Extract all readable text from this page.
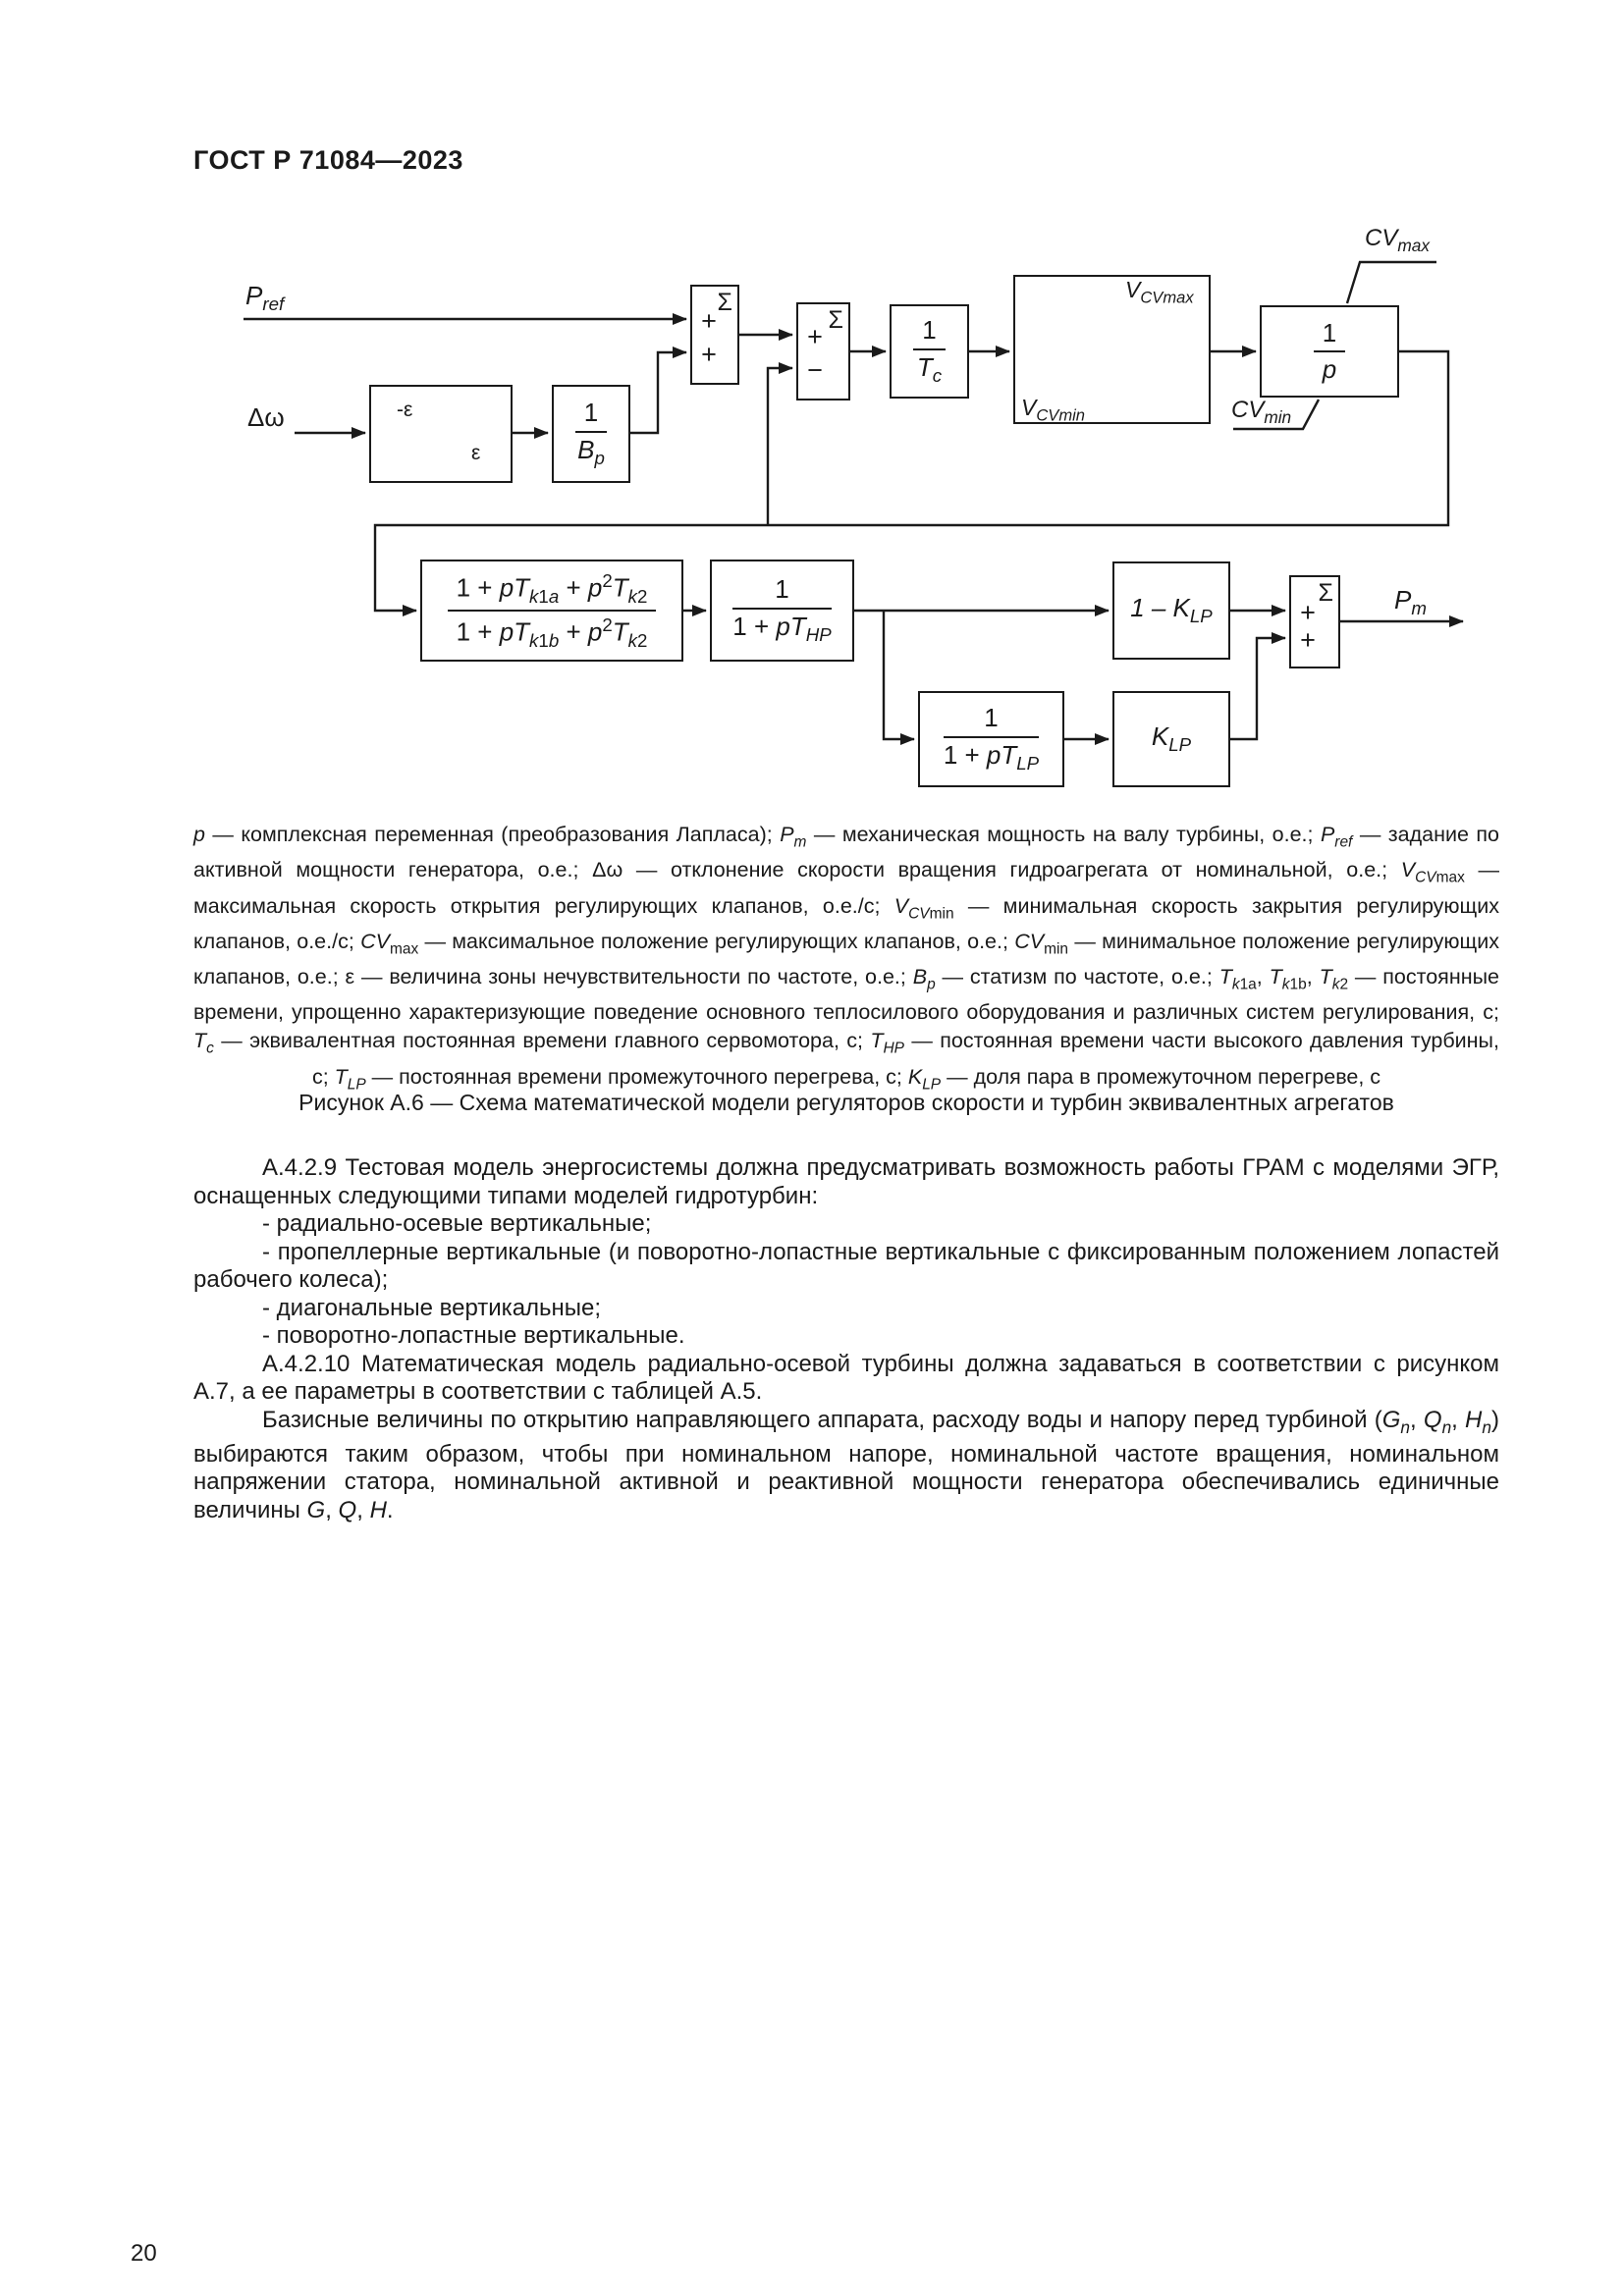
ГОСТ Р 71084—2023
$P_{ref}$
Δω	-ε
ε	$\frac{1}{B_p}$
Σ
+
+
Σ
+
−	$\frac{1}{T_c}$
$V_{CVmax}$
$V_{CVmin}$
$\frac{1}{p}$
$CV_{max}$
$CV_{min}$
$\frac{1 + pT_{k1a} + p^2T_{k2}}{1 + pT_{k1b} + p^2T_{k2}}$	$\frac{1}{1 + pT_{HP}}$
$\frac{1}{1 + pT_{LP}}$
$1 - K_{LP}$
$K_{LP}$
Σ
+
+
$P_m$
p — комплексная переменная (преобразования Лапласа); $P_m$ — механическая мощность на валу турбины, о.е.; $P_{ref}$ — задание по активной мощности генератора, о.е.; Δω — отклонение скорости вращения гидроагрегата от номинальной, о.е.; $V_{CVmax}$ — максимальная скорость открытия регулирующих клапанов, о.е./с; $V_{CVmin}$ — минимальная скорость закрытия регулирующих клапанов, о.е./с; $CV_{max}$ — максимальное положение регулирующих клапанов, о.е.; $CV_{min}$ — минимальное положение регулирующих клапанов, о.е.; ε — величина зоны нечувствительности по частоте, о.е.; $B_p$ — статизм по частоте, о.е.; $T_{k1a}$, $T_{k1b}$, $T_{k2}$ — постоянные времени, упрощенно характеризующие поведение основного теплосилового оборудования и различных систем регулирования, с; $T_c$ — эквивалентная постоянная времени главного сервомотора, с; $T_{HP}$ — постоянная времени части высокого давления турбины, с; $T_{LP}$ — постоянная времени промежуточного перегрева, с; $K_{LP}$ — доля пара в промежуточном перегреве, с
Рисунок А.6 — Схема математической модели регуляторов скорости и турбин эквивалентных агрегатов

А.4.2.9 Тестовая модель энергосистемы должна предусматривать возможность работы ГРАМ с моделями ЭГР, оснащенных следующими типами моделей гидротурбин:

- радиально-осевые вертикальные;

- пропеллерные вертикальные (и поворотно-лопастные вертикальные с фиксированным положением лопастей рабочего колеса);

- диагональные вертикальные;

- поворотно-лопастные вертикальные.

А.4.2.10 Математическая модель радиально-осевой турбины должна задаваться в соответствии с рисунком А.7, а ее параметры в соответствии с таблицей А.5.

Базисные величины по открытию направляющего аппарата, расходу воды и напору перед турбиной ($G_n$, $Q_n$, $H_n$) выбираются таким образом, чтобы при номинальном напоре, номинальной частоте вращения, номинальном напряжении статора, номинальной активной и реактивной мощности генератора обеспечивались единичные величины G, Q, H.

20
